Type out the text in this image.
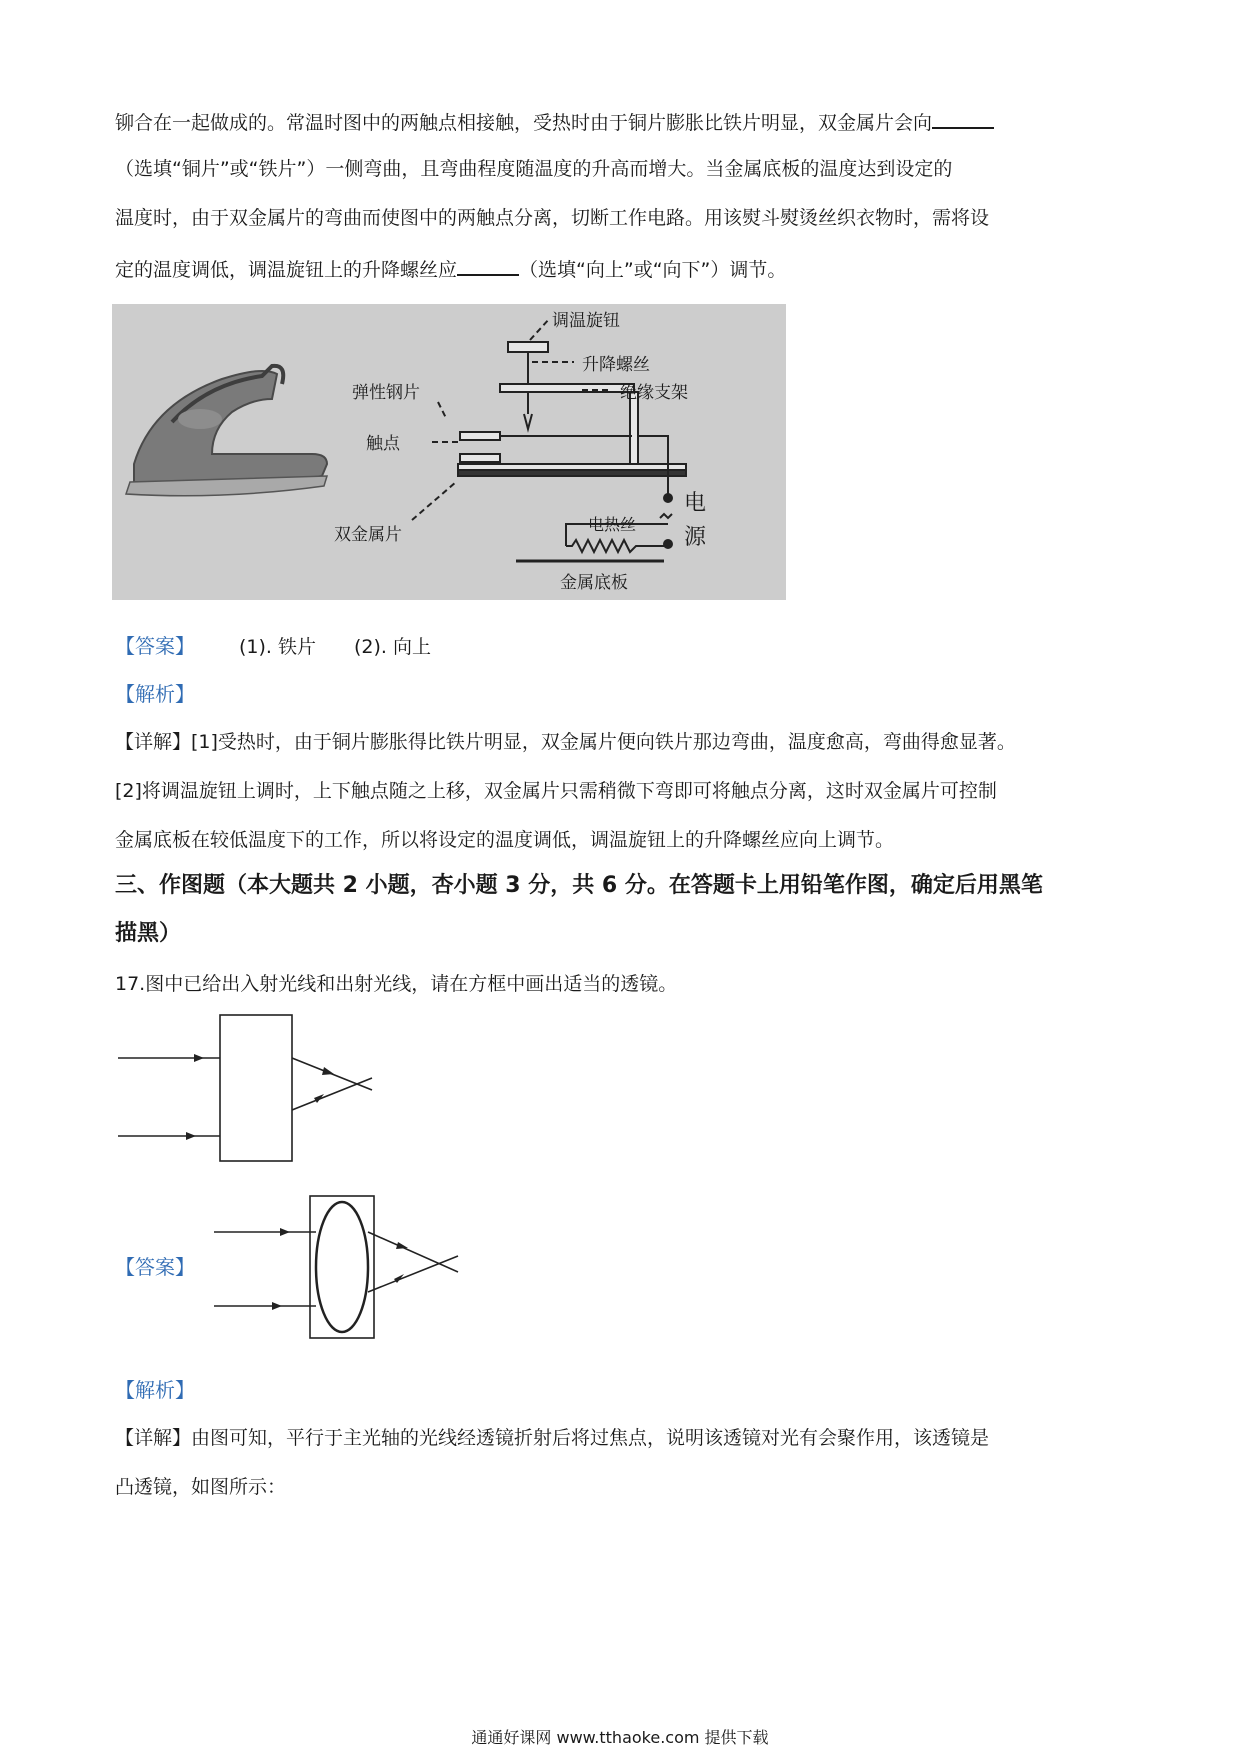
铆合在一起做成的。常温时图中的两触点相接触，受热时由于铜片膨胀比铁片明显，双金属片会向
（选填“铜片”或“铁片”）一侧弯曲，且弯曲程度随温度的升高而增大。当金属底板的温度达到设定的
温度时，由于双金属片的弯曲而使图中的两触点分离，切断工作电路。用该熨斗熨烫丝织衣物时，需将设
定的温度调低，调温旋钮上的升降螺丝应	（选填“向上”或“向下”）调节。
调温旋钮
升降螺丝
绝缘支架
弹性钢片
触点
双金属片
电热丝
电
源
金属底板
【答案】 (1). 铁片 (2). 向上
【解析】
【详解】[1]受热时，由于铜片膨胀得比铁片明显，双金属片便向铁片那边弯曲，温度愈高，弯曲得愈显著。
[2]将调温旋钮上调时，上下触点随之上移，双金属片只需稍微下弯即可将触点分离，这时双金属片可控制
金属底板在较低温度下的工作，所以将设定的温度调低，调温旋钮上的升降螺丝应向上调节。
三、作图题（本大题共 2 小题，杏小题 3 分，共 6 分。在答题卡上用铅笔作图，确定后用黑笔
描黑）
17.图中已给出入射光线和出射光线，请在方框中画出适当的透镜。
【答案】
【解析】
【详解】由图可知，平行于主光轴的光线经透镜折射后将过焦点，说明该透镜对光有会聚作用，该透镜是
凸透镜，如图所示：
通通好课网 www.tthaoke.com 提供下载
